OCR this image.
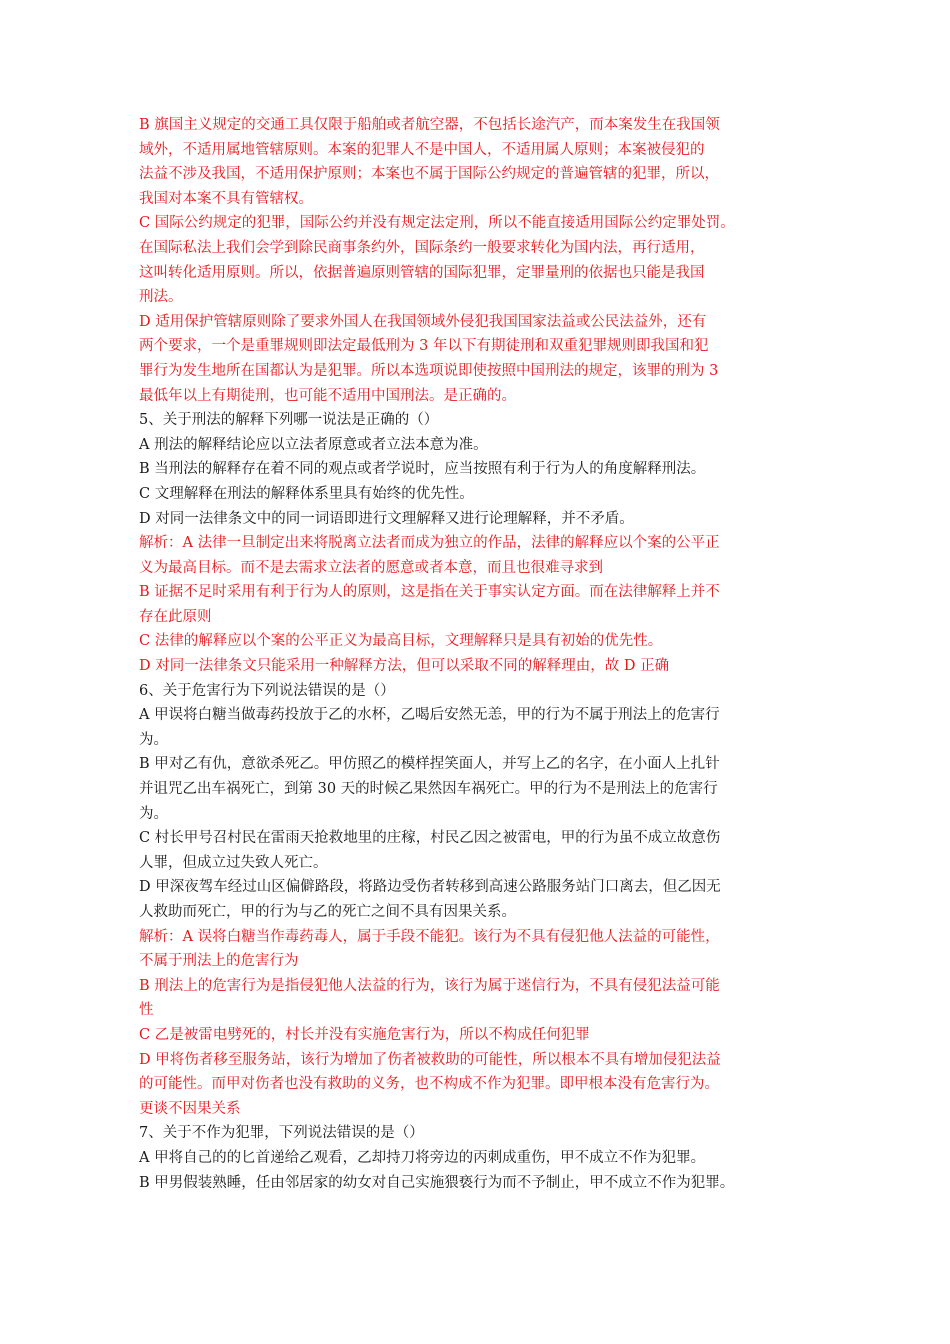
B 旗国主义规定的交通工具仅限于船舶或者航空器，不包括长途汽产，而本案发生在我国领
域外，不适用属地管辖原则。本案的犯罪人不是中国人，不适用属人原则；本案被侵犯的
法益不涉及我国，不适用保护原则；本案也不属于国际公约规定的普遍管辖的犯罪，所以，
我国对本案不具有管辖权。
C 国际公约规定的犯罪，国际公约并没有规定法定刑，所以不能直接适用国际公约定罪处罚。
在国际私法上我们会学到除民商事条约外，国际条约一般要求转化为国内法，再行适用，
这叫转化适用原则。所以，依据普遍原则管辖的国际犯罪，定罪量刑的依据也只能是我国
刑法。
D 适用保护管辖原则除了要求外国人在我国领域外侵犯我国国家法益或公民法益外，还有
两个要求，一个是重罪规则即法定最低刑为 3 年以下有期徒刑和双重犯罪规则即我国和犯
罪行为发生地所在国都认为是犯罪。所以本选项说即使按照中国刑法的规定，该罪的刑为 3
最低年以上有期徒刑，也可能不适用中国刑法。是正确的。
5、关于刑法的解释下列哪一说法是正确的（）
A 刑法的解释结论应以立法者原意或者立法本意为准。
B 当刑法的解释存在着不同的观点或者学说时，应当按照有利于行为人的角度解释刑法。
C 文理解释在刑法的解释体系里具有始终的优先性。
D 对同一法律条文中的同一词语即进行文理解释又进行论理解释，并不矛盾。
解析：A 法律一旦制定出来将脱离立法者而成为独立的作品，法律的解释应以个案的公平正
义为最高目标。而不是去需求立法者的愿意或者本意，而且也很难寻求到
B 证据不足时采用有利于行为人的原则，这是指在关于事实认定方面。而在法律解释上并不
存在此原则
C 法律的解释应以个案的公平正义为最高目标，文理解释只是具有初始的优先性。
D 对同一法律条文只能采用一种解释方法，但可以采取不同的解释理由，故 D 正确
6、关于危害行为下列说法错误的是（）
A 甲误将白糖当做毒药投放于乙的水杯，乙喝后安然无恙，甲的行为不属于刑法上的危害行
为。
B 甲对乙有仇，意欲杀死乙。甲仿照乙的模样捏笑面人，并写上乙的名字，在小面人上扎针
并诅咒乙出车祸死亡，到第 30 天的时候乙果然因车祸死亡。甲的行为不是刑法上的危害行
为。
C 村长甲号召村民在雷雨天抢救地里的庄稼，村民乙因之被雷电，甲的行为虽不成立故意伤
人罪，但成立过失致人死亡。
D 甲深夜驾车经过山区偏僻路段，将路边受伤者转移到高速公路服务站门口离去，但乙因无
人救助而死亡，甲的行为与乙的死亡之间不具有因果关系。
解析：A 误将白糖当作毒药毒人，属于手段不能犯。该行为不具有侵犯他人法益的可能性，
不属于刑法上的危害行为
B 刑法上的危害行为是指侵犯他人法益的行为，该行为属于迷信行为，不具有侵犯法益可能
性
C 乙是被雷电劈死的，村长并没有实施危害行为，所以不构成任何犯罪
D 甲将伤者移至服务站，该行为增加了伤者被救助的可能性，所以根本不具有增加侵犯法益
的可能性。而甲对伤者也没有救助的义务，也不构成不作为犯罪。即甲根本没有危害行为。
更谈不因果关系
7、关于不作为犯罪，下列说法错误的是（）
A 甲将自己的的匕首递给乙观看，乙却持刀将旁边的丙刺成重伤，甲不成立不作为犯罪。
B 甲男假装熟睡，任由邻居家的幼女对自己实施猥亵行为而不予制止，甲不成立不作为犯罪。
